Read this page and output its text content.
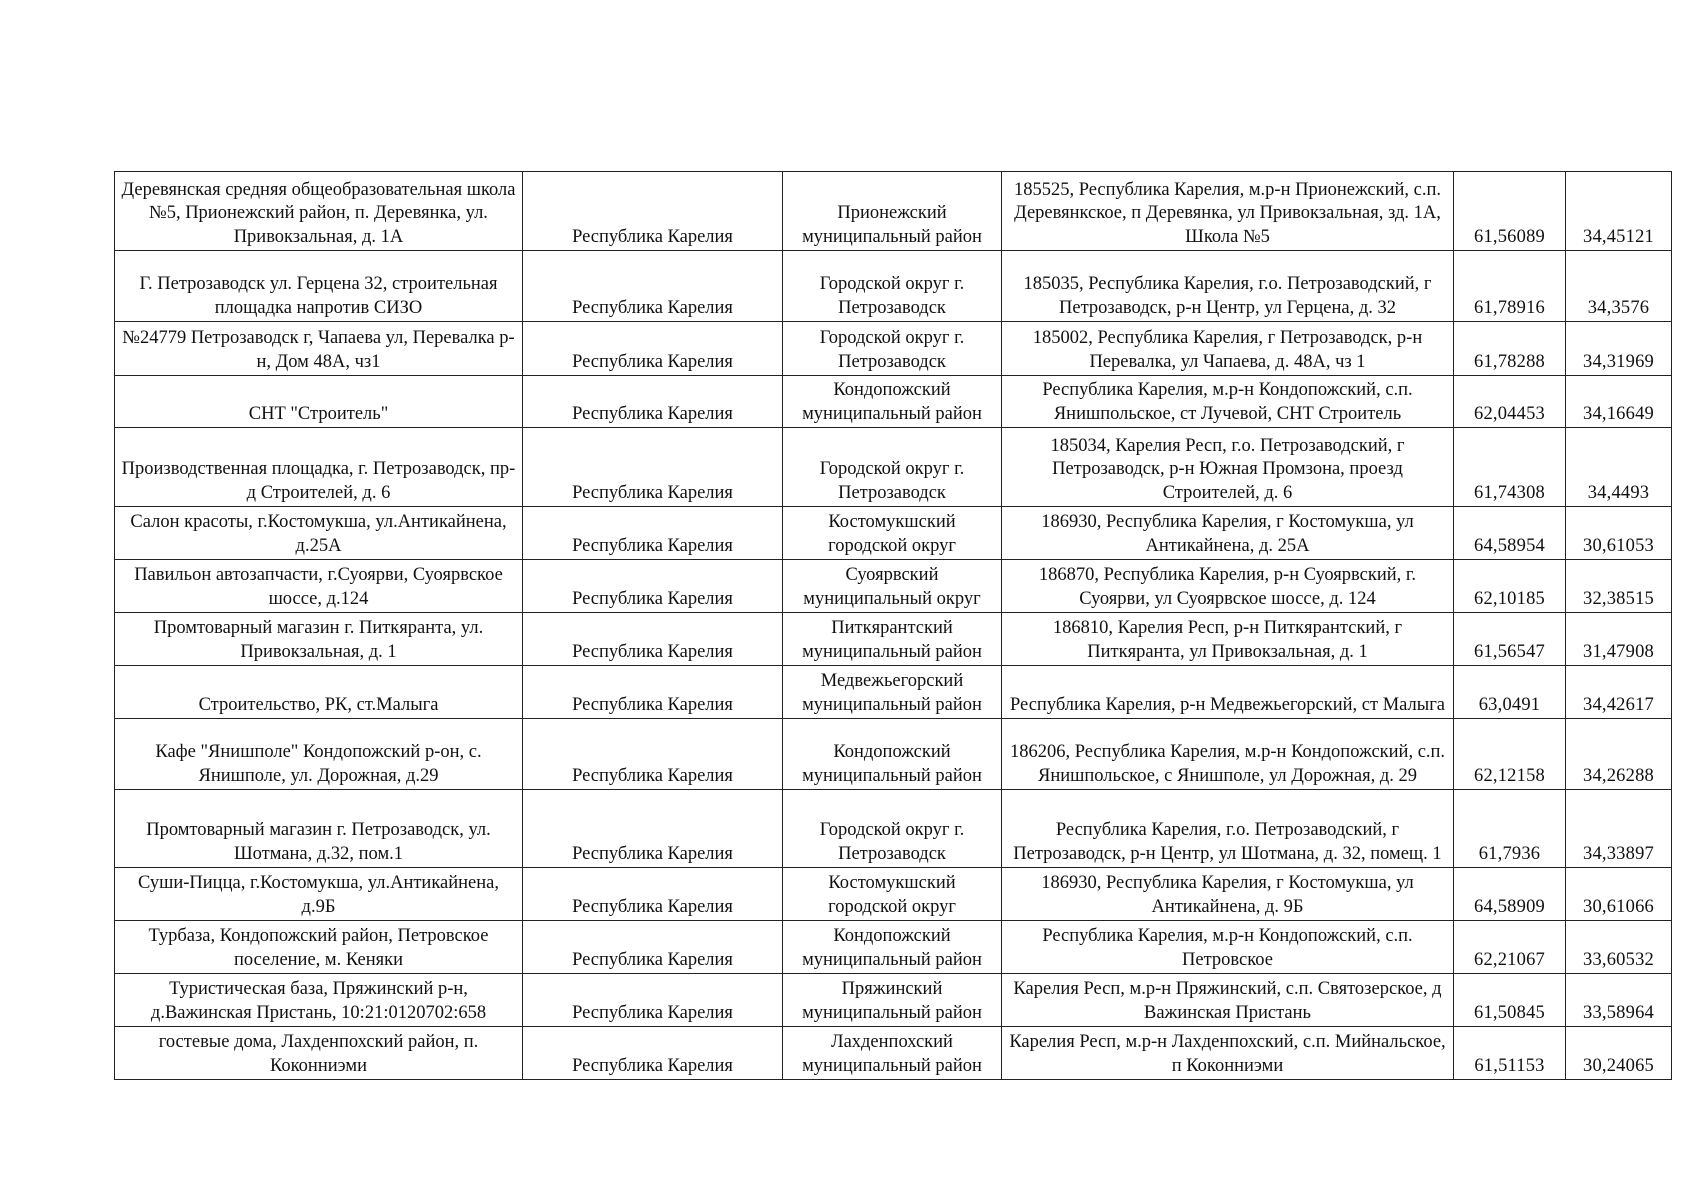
Деревянская средняя общеобразовательная школа №5, Прионежский район, п. Деревянка, ул. Привокзальная, д. 1А	Республика Карелия	Прионежский муниципальный район	185525, Республика Карелия, м.р-н Прионежский, с.п. Деревянкское, п Деревянка, ул Привокзальная, зд. 1А, Школа №5	61,56089	34,45121
Г. Петрозаводск ул. Герцена 32, строительная площадка напротив СИЗО	Республика Карелия	Городской округ г. Петрозаводск	185035, Республика Карелия, г.о. Петрозаводский, г Петрозаводск, р-н Центр, ул Герцена, д. 32	61,78916	34,3576
№24779 Петрозаводск г, Чапаева ул, Перевалка р-н, Дом 48А, чз1	Республика Карелия	Городской округ г. Петрозаводск	185002, Республика Карелия, г Петрозаводск, р-н Перевалка, ул Чапаева, д. 48А, чз 1	61,78288	34,31969
СНТ "Строитель"	Республика Карелия	Кондопожский муниципальный район	Республика Карелия, м.р-н Кондопожский, с.п. Янишпольское, ст Лучевой, СНТ Строитель	62,04453	34,16649
Производственная площадка, г. Петрозаводск, пр-д Строителей, д. 6	Республика Карелия	Городской округ г. Петрозаводск	185034, Карелия Респ, г.о. Петрозаводский, г Петрозаводск, р-н Южная Промзона, проезд Строителей, д. 6	61,74308	34,4493
Салон красоты, г.Костомукша, ул.Антикайнена, д.25А	Республика Карелия	Костомукшский городской округ	186930, Республика Карелия, г Костомукша, ул Антикайнена, д. 25А	64,58954	30,61053
Павильон автозапчасти, г.Суоярви, Суоярвское шоссе, д.124	Республика Карелия	Суоярвский муниципальный округ	186870, Республика Карелия, р-н Суоярвский, г. Суоярви, ул Суоярвское шоссе, д. 124	62,10185	32,38515
Промтоварный магазин г. Питкяранта, ул. Привокзальная, д. 1	Республика Карелия	Питкярантский муниципальный район	186810, Карелия Респ, р-н Питкярантский, г Питкяранта, ул Привокзальная, д. 1	61,56547	31,47908
Строительство, РК, ст.Малыга	Республика Карелия	Медвежьегорский муниципальный район	Республика Карелия, р-н Медвежьегорский, ст Малыга	63,0491	34,42617
Кафе "Янишполе" Кондопожский р-он, с. Янишполе, ул. Дорожная, д.29	Республика Карелия	Кондопожский муниципальный район	186206, Республика Карелия, м.р-н Кондопожский, с.п. Янишпольское, с Янишполе, ул Дорожная, д. 29	62,12158	34,26288
Промтоварный магазин г. Петрозаводск, ул. Шотмана, д.32, пом.1	Республика Карелия	Городской округ г. Петрозаводск	Республика Карелия, г.о. Петрозаводский, г Петрозаводск, р-н Центр, ул Шотмана, д. 32, помещ. 1	61,7936	34,33897
Суши-Пицца, г.Костомукша, ул.Антикайнена, д.9Б	Республика Карелия	Костомукшский городской округ	186930, Республика Карелия, г Костомукша, ул Антикайнена, д. 9Б	64,58909	30,61066
Турбаза, Кондопожский район, Петровское поселение, м. Кеняки	Республика Карелия	Кондопожский муниципальный район	Республика Карелия, м.р-н Кондопожский, с.п. Петровское	62,21067	33,60532
Туристическая база, Пряжинский р-н, д.Важинская Пристань, 10:21:0120702:658	Республика Карелия	Пряжинский муниципальный район	Карелия Респ, м.р-н Пряжинский, с.п. Святозерское, д Важинская Пристань	61,50845	33,58964
гостевые дома, Лахденпохский район, п. Коконниэми	Республика Карелия	Лахденпохский муниципальный район	Карелия Респ, м.р-н Лахденпохский, с.п. Мийнальское, п Коконниэми	61,51153	30,24065
